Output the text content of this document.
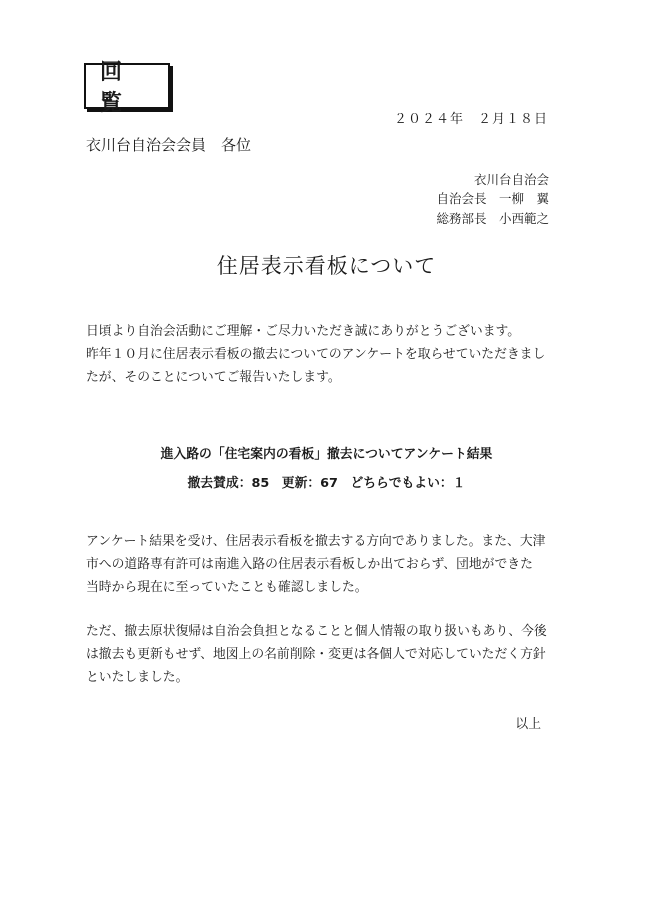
回覧
２０２４年　２月１８日
衣川台自治会会員　各位
衣川台自治会
自治会長　一柳　翼
総務部長　小西範之
住居表示看板について
日頃より自治会活動にご理解・ご尽力いただき誠にありがとうございます。
昨年１０月に住居表示看板の撤去についてのアンケートを取らせていただきまし
たが、そのことについてご報告いたします。
進入路の「住宅案内の看板」撤去についてアンケート結果
撤去賛成：85 更新：67 どちらでもよい：１
アンケート結果を受け、住居表示看板を撤去する方向でありました。また、大津
市への道路専有許可は南進入路の住居表示看板しか出ておらず、団地ができた
当時から現在に至っていたことも確認しました。
ただ、撤去原状復帰は自治会負担となることと個人情報の取り扱いもあり、今後
は撤去も更新もせず、地図上の名前削除・変更は各個人で対応していただく方針
といたしました。
以上
